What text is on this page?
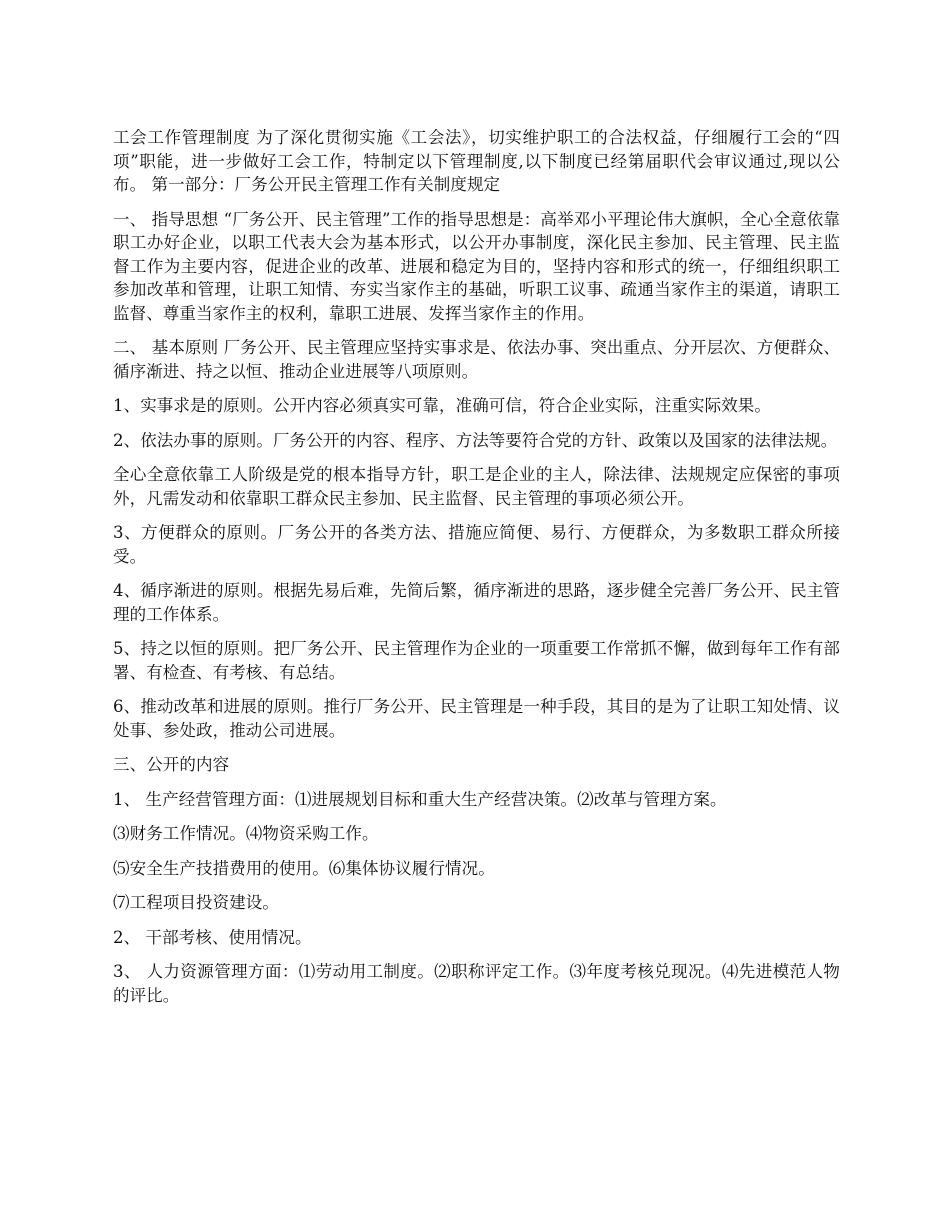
工会工作管理制度 为了深化贯彻实施《工会法》，切实维护职工的合法权益，仔细履行工会的“四项”职能，进一步做好工会工作，特制定以下管理制度,以下制度已经第届职代会审议通过,现以公布。 第一部分：厂务公开民主管理工作有关制度规定

一、 指导思想 “厂务公开、民主管理”工作的指导思想是：高举邓小平理论伟大旗帜，全心全意依靠职工办好企业，以职工代表大会为基本形式，以公开办事制度，深化民主参加、民主管理、民主监督工作为主要内容，促进企业的改革、进展和稳定为目的，坚持内容和形式的统一，仔细组织职工参加改革和管理，让职工知情、夯实当家作主的基础，听职工议事、疏通当家作主的渠道，请职工监督、尊重当家作主的权利，靠职工进展、发挥当家作主的作用。

二、 基本原则 厂务公开、民主管理应坚持实事求是、依法办事、突出重点、分开层次、方便群众、循序渐进、持之以恒、推动企业进展等八项原则。

1、实事求是的原则。公开内容必须真实可靠，准确可信，符合企业实际，注重实际效果。

2、依法办事的原则。厂务公开的内容、程序、方法等要符合党的方针、政策以及国家的法律法规。

全心全意依靠工人阶级是党的根本指导方针，职工是企业的主人，除法律、法规规定应保密的事项外，凡需发动和依靠职工群众民主参加、民主监督、民主管理的事项必须公开。

3、方便群众的原则。厂务公开的各类方法、措施应简便、易行、方便群众，为多数职工群众所接受。

4、循序渐进的原则。根据先易后难，先简后繁，循序渐进的思路，逐步健全完善厂务公开、民主管理的工作体系。

5、持之以恒的原则。把厂务公开、民主管理作为企业的一项重要工作常抓不懈，做到每年工作有部署、有检查、有考核、有总结。

6、推动改革和进展的原则。推行厂务公开、民主管理是一种手段，其目的是为了让职工知处情、议处事、参处政，推动公司进展。

三、公开的内容

1、 生产经营管理方面：⑴进展规划目标和重大生产经营决策。⑵改革与管理方案。

⑶财务工作情况。⑷物资采购工作。

⑸安全生产技措费用的使用。⑹集体协议履行情况。

⑺工程项目投资建设。

2、 干部考核、使用情况。

3、 人力资源管理方面：⑴劳动用工制度。⑵职称评定工作。⑶年度考核兑现况。⑷先进模范人物的评比。
